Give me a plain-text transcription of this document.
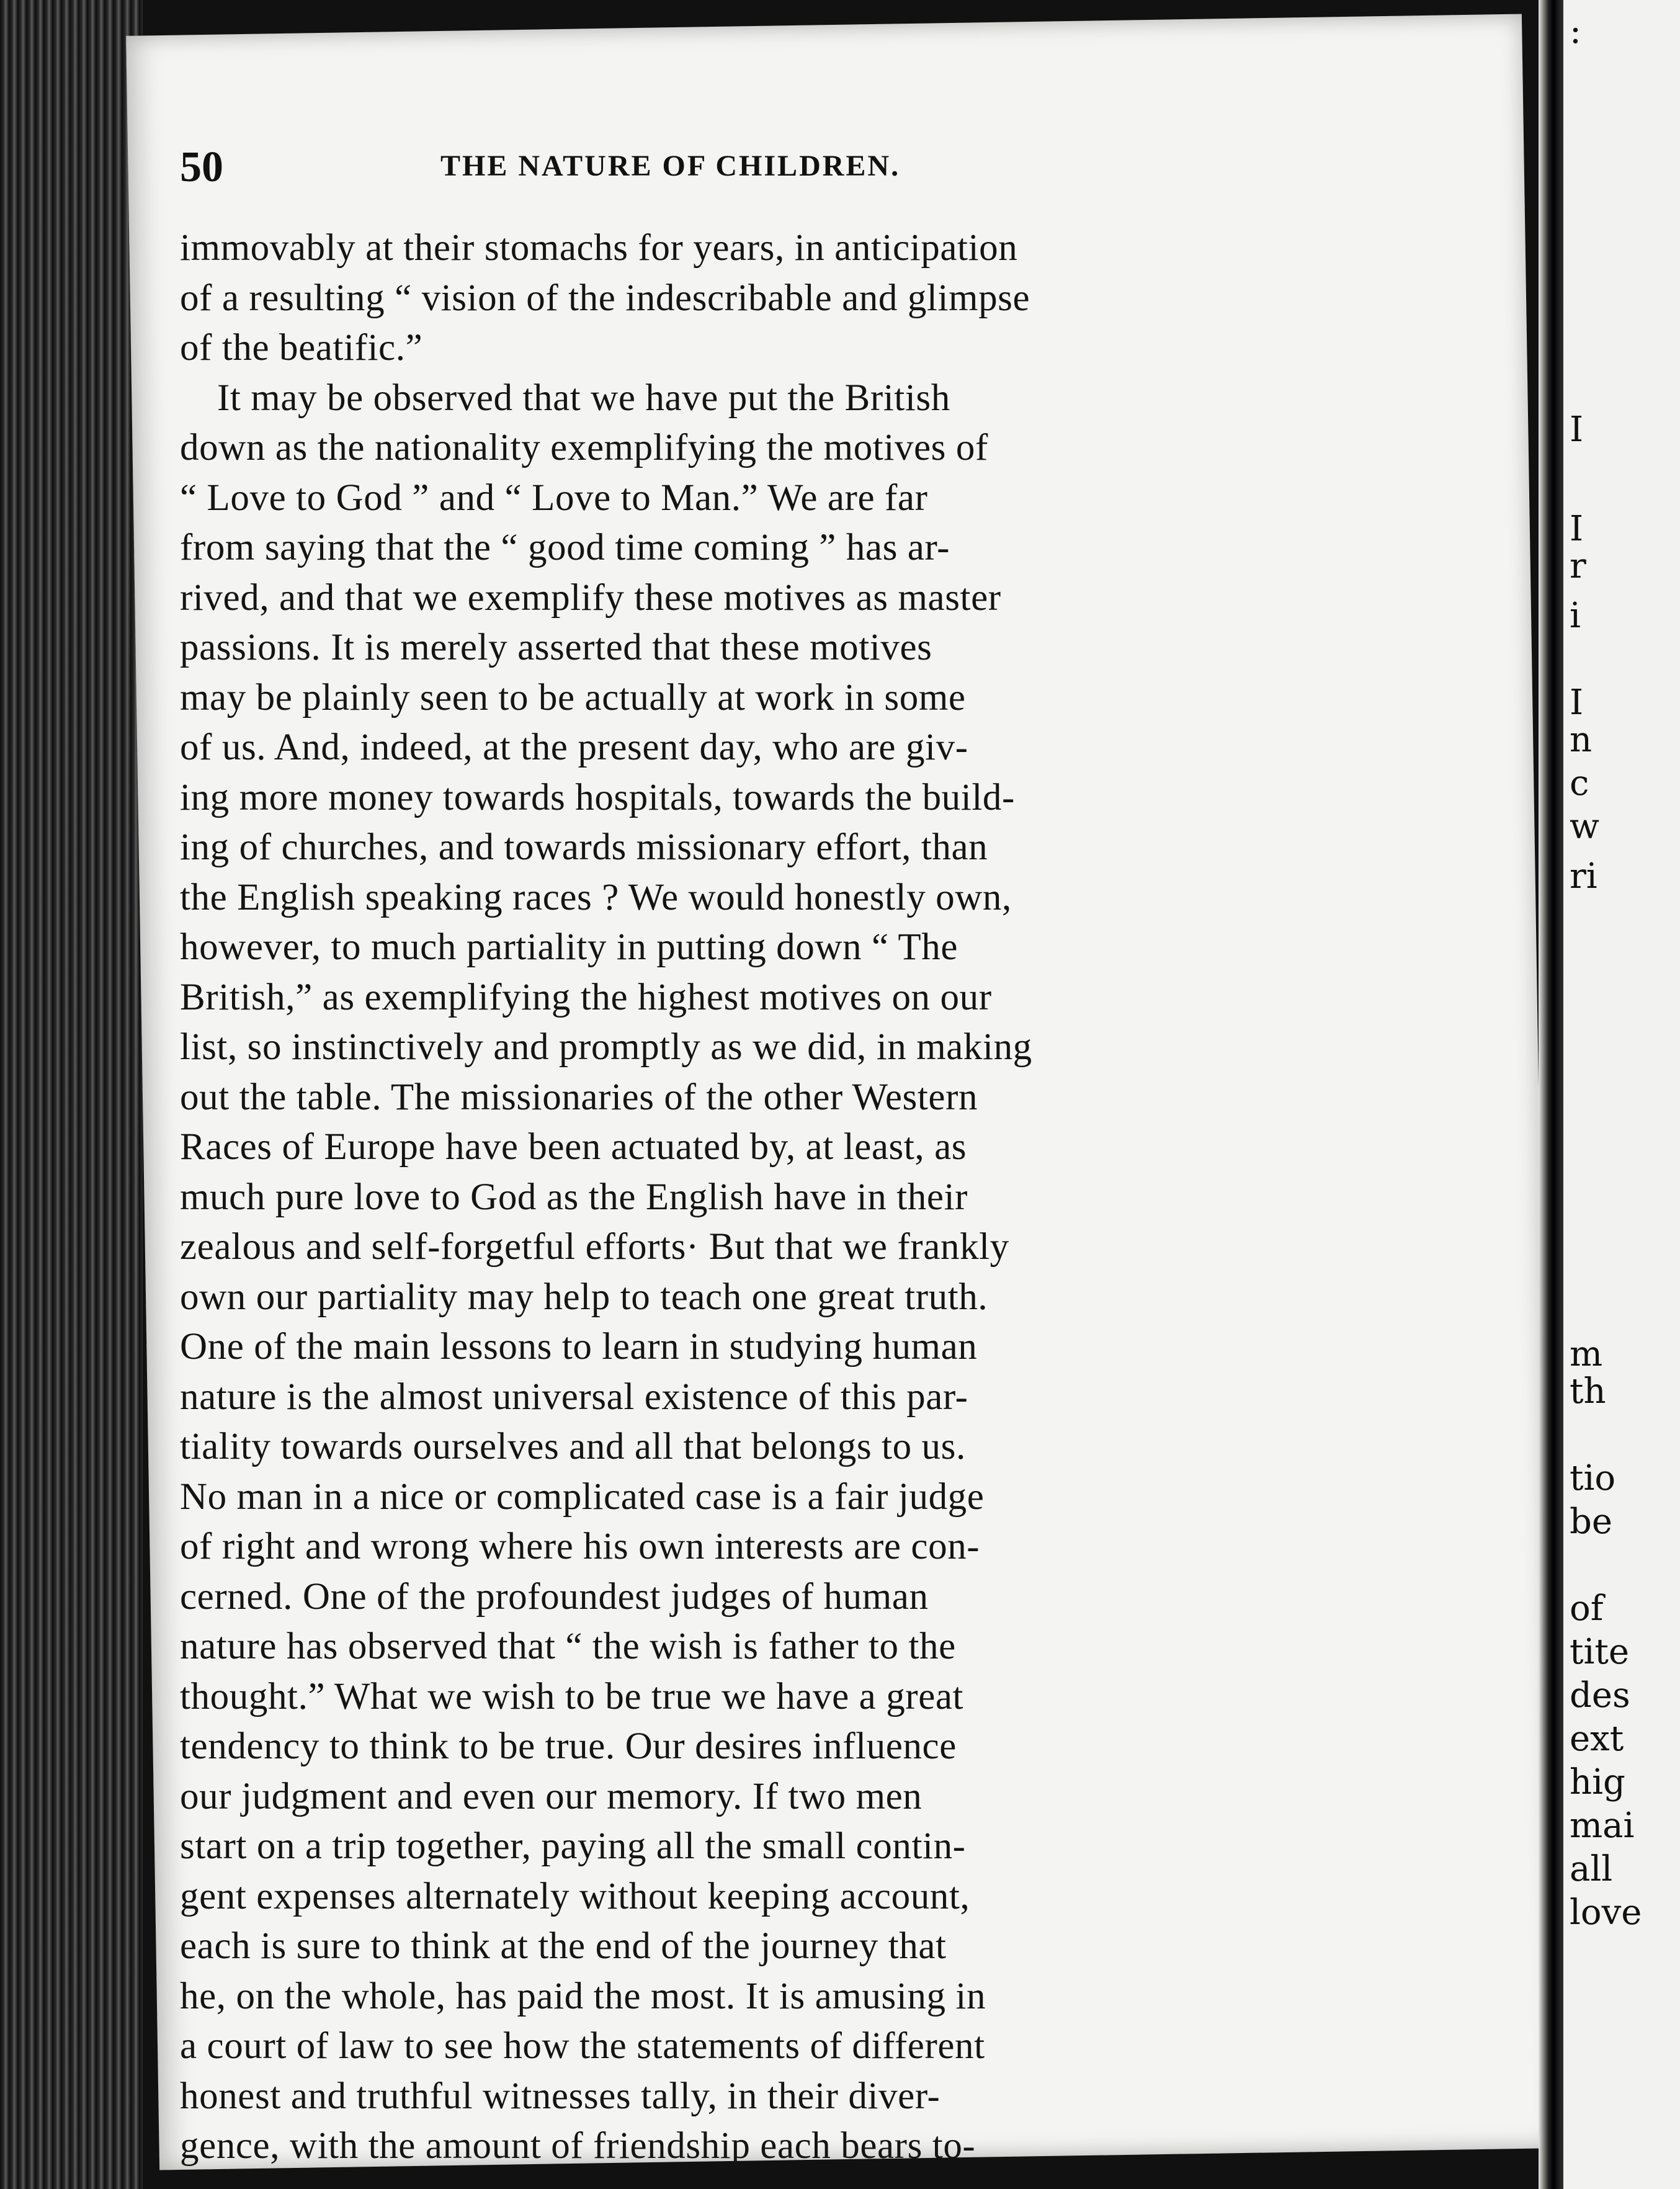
50	THE NATURE OF CHILDREN.
immovably at their stomachs for years, in anticipation
of a resulting “ vision of the indescribable and glimpse
of the beatific.”
It may be observed that we have put the British
down as the nationality exemplifying the motives of
“ Love to God ” and “ Love to Man.” We are far
from saying that the “ good time coming ” has ar-
rived, and that we exemplify these motives as master
passions. It is merely asserted that these motives
may be plainly seen to be actually at work in some
of us. And, indeed, at the present day, who are giv-
ing more money towards hospitals, towards the build-
ing of churches, and towards missionary effort, than
the English speaking races ? We would honestly own,
however, to much partiality in putting down “ The
British,” as exemplifying the highest motives on our
list, so instinctively and promptly as we did, in making
out the table. The missionaries of the other Western
Races of Europe have been actuated by, at least, as
much pure love to God as the English have in their
zealous and self-forgetful efforts· But that we frankly
own our partiality may help to teach one great truth.
One of the main lessons to learn in studying human
nature is the almost universal existence of this par-
tiality towards ourselves and all that belongs to us.
No man in a nice or complicated case is a fair judge
of right and wrong where his own interests are con-
cerned. One of the profoundest judges of human
nature has observed that “ the wish is father to the
thought.” What we wish to be true we have a great
tendency to think to be true. Our desires influence
our judgment and even our memory. If two men
start on a trip together, paying all the small contin-
gent expenses alternately without keeping account,
each is sure to think at the end of the journey that
he, on the whole, has paid the most. It is amusing in
a court of law to see how the statements of different
honest and truthful witnesses tally, in their diver-
gence, with the amount of friendship each bears to-
:
I
I
r
i
I
n
c
w
ri
m
th
tio
be
of
tite
des
ext
hig
mai
all
love
